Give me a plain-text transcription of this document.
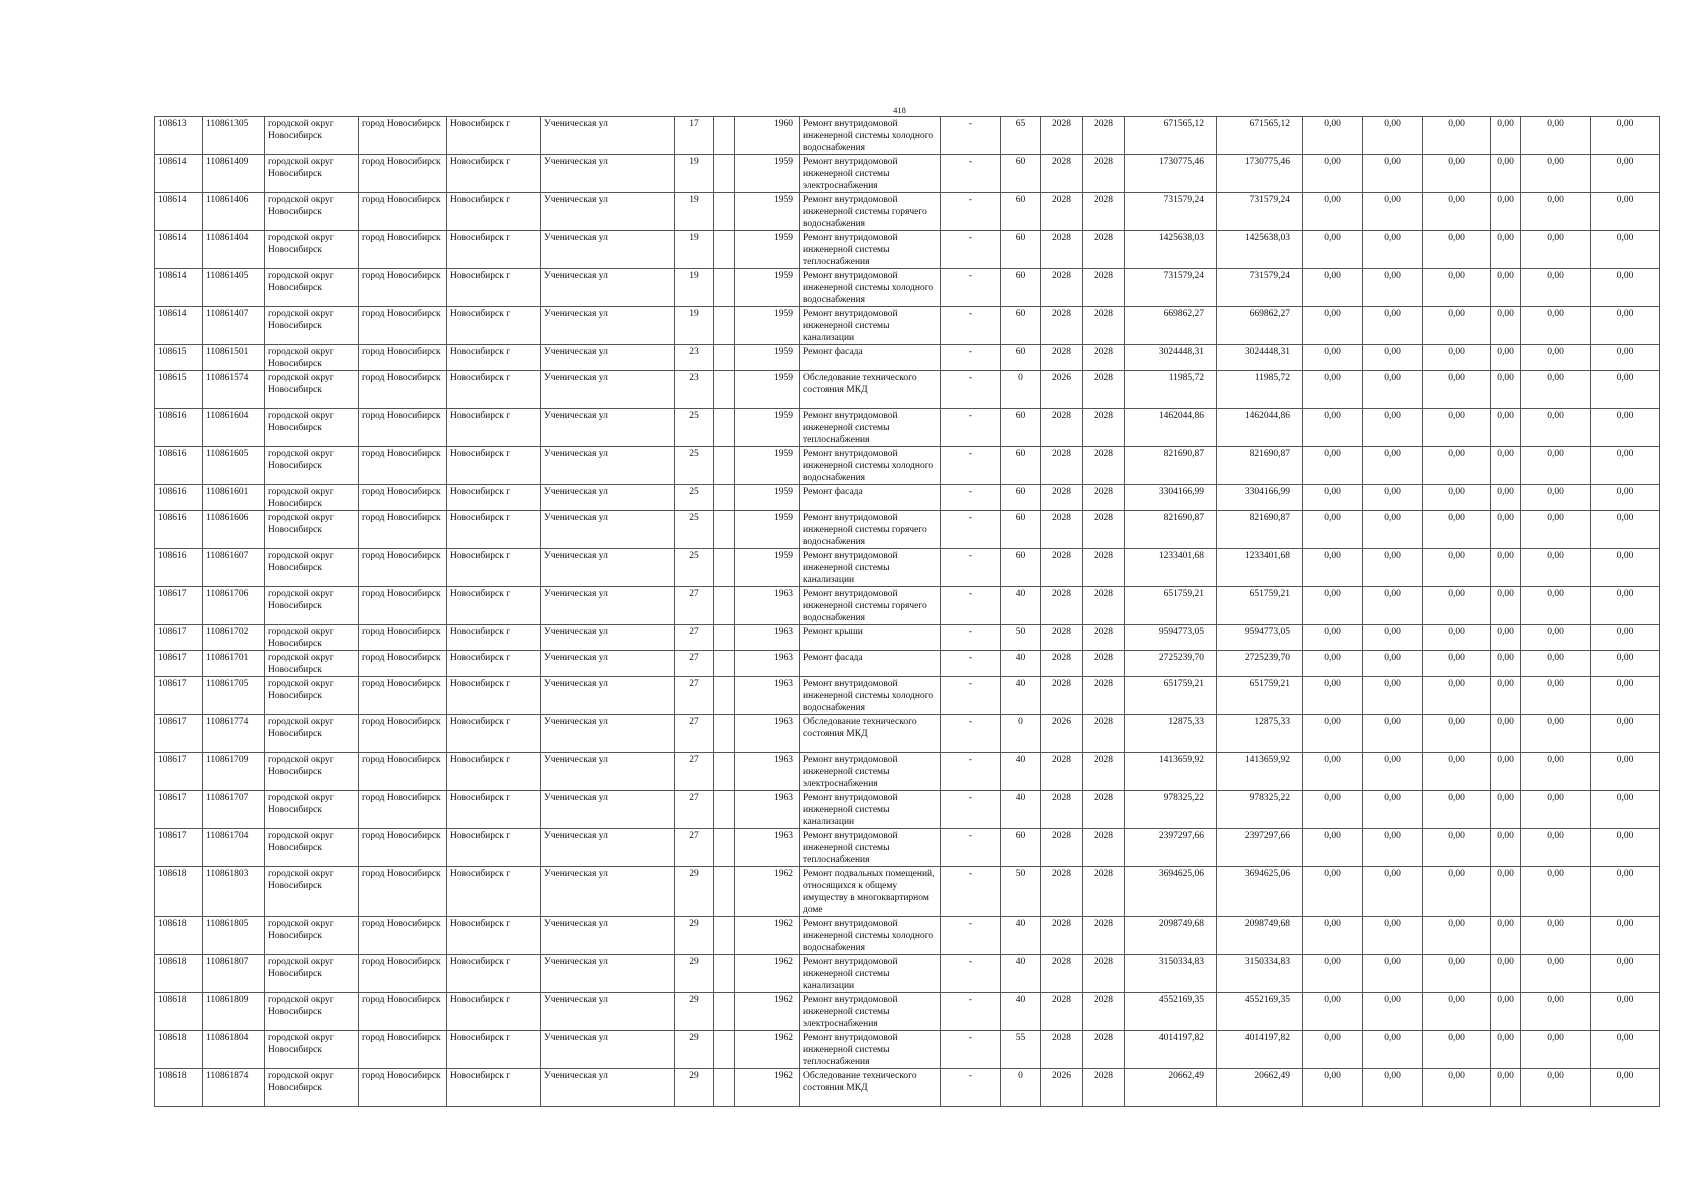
418
108613	110861305	городской округ Новосибирск	город Новосибирск	Новосибирск г	Ученическая ул	17		1960	Ремонт внутридомовой инженерной системы холодного водоснабжения	-	65	2028	2028	671565,12	671565,12	0,00	0,00	0,00	0,00	0,00	0,00
108614	110861409	городской округ Новосибирск	город Новосибирск	Новосибирск г	Ученическая ул	19		1959	Ремонт внутридомовой инженерной системы электроснабжения	-	60	2028	2028	1730775,46	1730775,46	0,00	0,00	0,00	0,00	0,00	0,00
108614	110861406	городской округ Новосибирск	город Новосибирск	Новосибирск г	Ученическая ул	19		1959	Ремонт внутридомовой инженерной системы горячего водоснабжения	-	60	2028	2028	731579,24	731579,24	0,00	0,00	0,00	0,00	0,00	0,00
108614	110861404	городской округ Новосибирск	город Новосибирск	Новосибирск г	Ученическая ул	19		1959	Ремонт внутридомовой инженерной системы теплоснабжения	-	60	2028	2028	1425638,03	1425638,03	0,00	0,00	0,00	0,00	0,00	0,00
108614	110861405	городской округ Новосибирск	город Новосибирск	Новосибирск г	Ученическая ул	19		1959	Ремонт внутридомовой инженерной системы холодного водоснабжения	-	60	2028	2028	731579,24	731579,24	0,00	0,00	0,00	0,00	0,00	0,00
108614	110861407	городской округ Новосибирск	город Новосибирск	Новосибирск г	Ученическая ул	19		1959	Ремонт внутридомовой инженерной системы канализации	-	60	2028	2028	669862,27	669862,27	0,00	0,00	0,00	0,00	0,00	0,00
108615	110861501	городской округ Новосибирск	город Новосибирск	Новосибирск г	Ученическая ул	23		1959	Ремонт фасада	-	60	2028	2028	3024448,31	3024448,31	0,00	0,00	0,00	0,00	0,00	0,00
108615	110861574	городской округ Новосибирск	город Новосибирск	Новосибирск г	Ученическая ул	23		1959	Обследование технического состояния МКД	-	0	2026	2028	11985,72	11985,72	0,00	0,00	0,00	0,00	0,00	0,00
108616	110861604	городской округ Новосибирск	город Новосибирск	Новосибирск г	Ученическая ул	25		1959	Ремонт внутридомовой инженерной системы теплоснабжения	-	60	2028	2028	1462044,86	1462044,86	0,00	0,00	0,00	0,00	0,00	0,00
108616	110861605	городской округ Новосибирск	город Новосибирск	Новосибирск г	Ученическая ул	25		1959	Ремонт внутридомовой инженерной системы холодного водоснабжения	-	60	2028	2028	821690,87	821690,87	0,00	0,00	0,00	0,00	0,00	0,00
108616	110861601	городской округ Новосибирск	город Новосибирск	Новосибирск г	Ученическая ул	25		1959	Ремонт фасада	-	60	2028	2028	3304166,99	3304166,99	0,00	0,00	0,00	0,00	0,00	0,00
108616	110861606	городской округ Новосибирск	город Новосибирск	Новосибирск г	Ученическая ул	25		1959	Ремонт внутридомовой инженерной системы горячего водоснабжения	-	60	2028	2028	821690,87	821690,87	0,00	0,00	0,00	0,00	0,00	0,00
108616	110861607	городской округ Новосибирск	город Новосибирск	Новосибирск г	Ученическая ул	25		1959	Ремонт внутридомовой инженерной системы канализации	-	60	2028	2028	1233401,68	1233401,68	0,00	0,00	0,00	0,00	0,00	0,00
108617	110861706	городской округ Новосибирск	город Новосибирск	Новосибирск г	Ученическая ул	27		1963	Ремонт внутридомовой инженерной системы горячего водоснабжения	-	40	2028	2028	651759,21	651759,21	0,00	0,00	0,00	0,00	0,00	0,00
108617	110861702	городской округ Новосибирск	город Новосибирск	Новосибирск г	Ученическая ул	27		1963	Ремонт крыши	-	50	2028	2028	9594773,05	9594773,05	0,00	0,00	0,00	0,00	0,00	0,00
108617	110861701	городской округ Новосибирск	город Новосибирск	Новосибирск г	Ученическая ул	27		1963	Ремонт фасада	-	40	2028	2028	2725239,70	2725239,70	0,00	0,00	0,00	0,00	0,00	0,00
108617	110861705	городской округ Новосибирск	город Новосибирск	Новосибирск г	Ученическая ул	27		1963	Ремонт внутридомовой инженерной системы холодного водоснабжения	-	40	2028	2028	651759,21	651759,21	0,00	0,00	0,00	0,00	0,00	0,00
108617	110861774	городской округ Новосибирск	город Новосибирск	Новосибирск г	Ученическая ул	27		1963	Обследование технического состояния МКД	-	0	2026	2028	12875,33	12875,33	0,00	0,00	0,00	0,00	0,00	0,00
108617	110861709	городской округ Новосибирск	город Новосибирск	Новосибирск г	Ученическая ул	27		1963	Ремонт внутридомовой инженерной системы электроснабжения	-	40	2028	2028	1413659,92	1413659,92	0,00	0,00	0,00	0,00	0,00	0,00
108617	110861707	городской округ Новосибирск	город Новосибирск	Новосибирск г	Ученическая ул	27		1963	Ремонт внутридомовой инженерной системы канализации	-	40	2028	2028	978325,22	978325,22	0,00	0,00	0,00	0,00	0,00	0,00
108617	110861704	городской округ Новосибирск	город Новосибирск	Новосибирск г	Ученическая ул	27		1963	Ремонт внутридомовой инженерной системы теплоснабжения	-	60	2028	2028	2397297,66	2397297,66	0,00	0,00	0,00	0,00	0,00	0,00
108618	110861803	городской округ Новосибирск	город Новосибирск	Новосибирск г	Ученическая ул	29		1962	Ремонт подвальных помещений, относящихся к общему имуществу в многоквартирном доме	-	50	2028	2028	3694625,06	3694625,06	0,00	0,00	0,00	0,00	0,00	0,00
108618	110861805	городской округ Новосибирск	город Новосибирск	Новосибирск г	Ученическая ул	29		1962	Ремонт внутридомовой инженерной системы холодного водоснабжения	-	40	2028	2028	2098749,68	2098749,68	0,00	0,00	0,00	0,00	0,00	0,00
108618	110861807	городской округ Новосибирск	город Новосибирск	Новосибирск г	Ученическая ул	29		1962	Ремонт внутридомовой инженерной системы канализации	-	40	2028	2028	3150334,83	3150334,83	0,00	0,00	0,00	0,00	0,00	0,00
108618	110861809	городской округ Новосибирск	город Новосибирск	Новосибирск г	Ученическая ул	29		1962	Ремонт внутридомовой инженерной системы электроснабжения	-	40	2028	2028	4552169,35	4552169,35	0,00	0,00	0,00	0,00	0,00	0,00
108618	110861804	городской округ Новосибирск	город Новосибирск	Новосибирск г	Ученическая ул	29		1962	Ремонт внутридомовой инженерной системы теплоснабжения	-	55	2028	2028	4014197,82	4014197,82	0,00	0,00	0,00	0,00	0,00	0,00
108618	110861874	городской округ Новосибирск	город Новосибирск	Новосибирск г	Ученическая ул	29		1962	Обследование технического состояния МКД	-	0	2026	2028	20662,49	20662,49	0,00	0,00	0,00	0,00	0,00	0,00
